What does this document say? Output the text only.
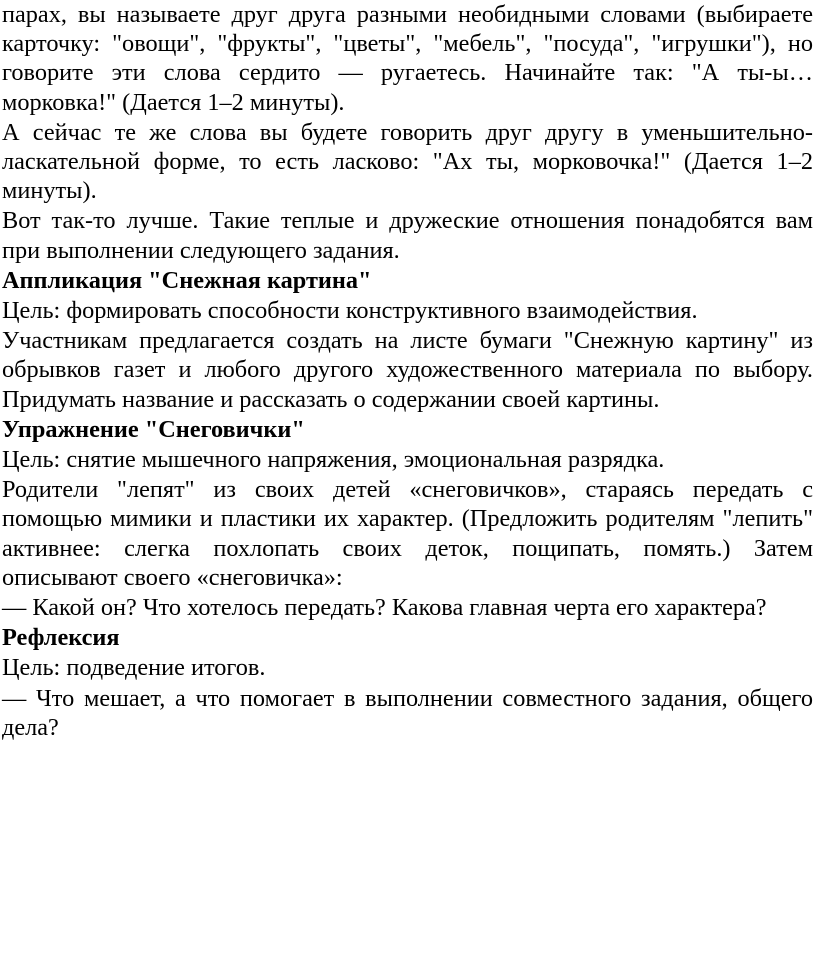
парах, вы называете друг друга разными необидными словами (выбираете карточку: "овощи", "фрукты", "цветы", "мебель", "посуда", "игрушки"), но говорите эти слова сердито — ругаетесь. Начинайте так: "А ты-ы… морковка!" (Дается 1–2 минуты).

А сейчас те же слова вы будете говорить друг другу в уменьшительно-ласкательной форме, то есть ласково: "Ах ты, морковочка!" (Дается 1–2 минуты).

Вот так-то лучше. Такие теплые и дружеские отношения понадобятся вам при выполнении следующего задания.

Аппликация "Снежная картина"

Цель: формировать способности конструктивного взаимодействия.

Участникам предлагается создать на листе бумаги "Снежную картину" из обрывков газет и любого другого художественного материала по выбору. Придумать название и рассказать о содержании своей картины.

Упражнение "Снеговички"

Цель: снятие мышечного напряжения, эмоциональная разрядка.

Родители "лепят" из своих детей «снеговичков», стараясь передать с помощью мимики и пластики их характер. (Предложить родителям "лепить" активнее: слегка похлопать своих деток, пощипать, помять.) Затем описывают своего «снеговичка»:

— Какой он? Что хотелось передать? Какова главная черта его характера?

Рефлексия

Цель: подведение итогов.

— Что мешает, а что помогает в выполнении совместного задания, общего дела?
